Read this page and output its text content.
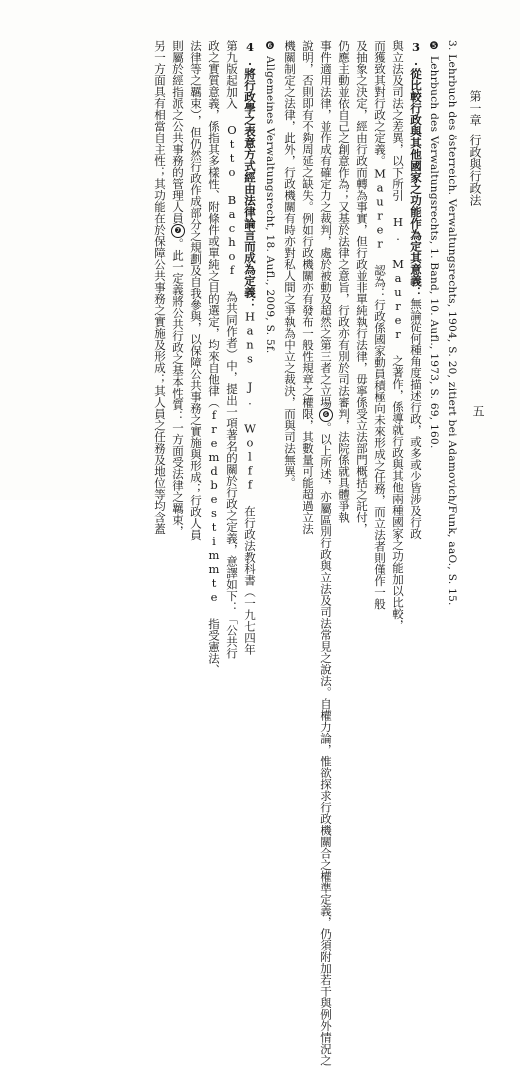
第一章行政與行政法
五
3. Lehrbuch des österreich. Verwaltungsrechts, 1904, S. 20, zitiert bei Adamovich/Funk, aaO., S. 15.
❺ Lehrbuch des Verwaltungsrechts, 1. Band, 10. Aufl., 1973, S. 69, 160.
3.從比較行政與其他國家之功能作為定其意義：無論從何種角度描述行政，或多或少皆涉及行政
與立法及司法之差異，以下所引 H. Maurer 之著作，係導就行政與其他兩種國家之功能加以比較，
而獲致其對行政之定義。Maurer 認為：行政係國家動員積極向未來形成之任務，而立法者則僅作一般
及抽象之決定，經由行政而轉為事實，但行政並非單純執行法律，毋寧係受立法部門概括之託付，
仍應主動並依自己之創意作為；又基於法律之意旨，行政亦有別於司法審判，法院係就具體爭執
事件適用法律，並作成有確定力之裁判，處於被動及超然之第三者之立場❻。以上所述，亦屬區別行政與立法及司法常見之說法。自權力論，惟欲探求行政機關合之權準定義，仍須附加若干與例外情況之
說明，否則即有不夠周延之缺失。例如行政機關亦有發布一般性規章之權限，其數量可能超過立法
機關制定之法律，此外，行政機關有時亦對私人間之爭執為中立之裁決，而與司法無異。
❻ Allgemeines Verwaltungsrecht, 18. Aufl., 2009, S. 5f.
4.將行政學之表意方式經由法律論言而成為定義：Hans J. Wolff 在行政法教科書（一九七四年
第九版起加入 Otto Bachof 為共同作者）中，提出一項著名的關於行政之定義，意譯如下：「公共行
政之實質意義，係指其多樣性、附條件或單純之目的選定，均來自他律（fremdbestimmte 指受憲法、
法律等之羈束），但仍然行政作成部分之規劃及自我參與，以保障公共事務之實施與形成；行政人員
則屬於經指派之公共事務的管理人員❼。此一定義將公共行政之基本性質：一方面受法律之羈束，
另一方面具有相當自主性；其功能在於保障公共事務之實施及形成；其人員之任務及地位等均含蓋
